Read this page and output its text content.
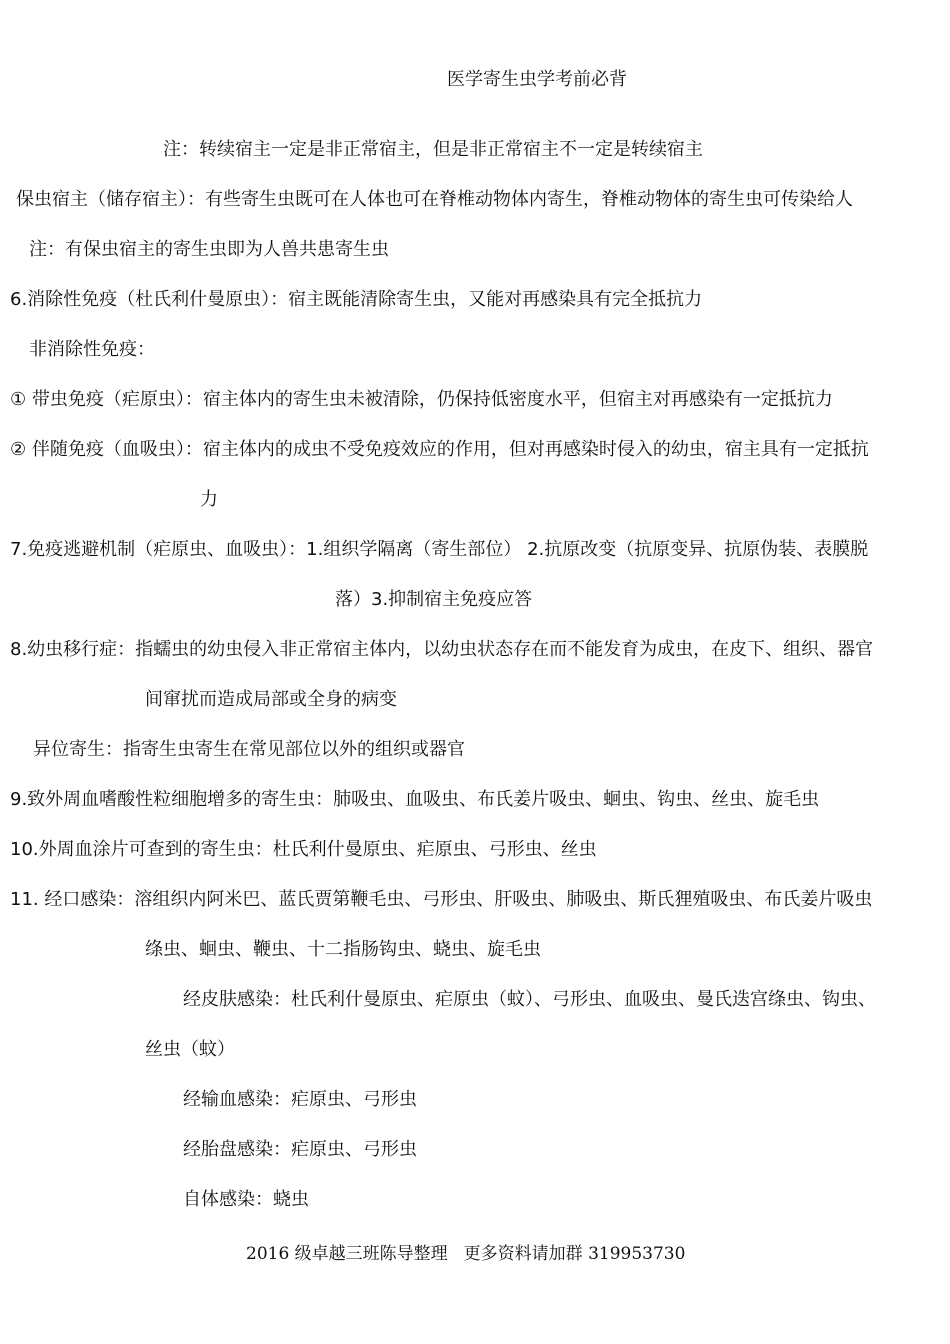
医学寄生虫学考前必背
注：转续宿主一定是非正常宿主，但是非正常宿主不一定是转续宿主
保虫宿主（储存宿主）：有些寄生虫既可在人体也可在脊椎动物体内寄生，脊椎动物体的寄生虫可传染给人
注：有保虫宿主的寄生虫即为人兽共患寄生虫
6.消除性免疫（杜氏利什曼原虫）：宿主既能清除寄生虫，又能对再感染具有完全抵抗力
非消除性免疫：
① 带虫免疫（疟原虫）：宿主体内的寄生虫未被清除，仍保持低密度水平，但宿主对再感染有一定抵抗力
② 伴随免疫（血吸虫）：宿主体内的成虫不受免疫效应的作用，但对再感染时侵入的幼虫，宿主具有一定抵抗
力
7.免疫逃避机制（疟原虫、血吸虫）：1.组织学隔离（寄生部位） 2.抗原改变（抗原变异、抗原伪装、表膜脱
落）3.抑制宿主免疫应答
8.幼虫移行症：指蠕虫的幼虫侵入非正常宿主体内，以幼虫状态存在而不能发育为成虫，在皮下、组织、器官
间窜扰而造成局部或全身的病变
异位寄生：指寄生虫寄生在常见部位以外的组织或器官
9.致外周血嗜酸性粒细胞增多的寄生虫：肺吸虫、血吸虫、布氏姜片吸虫、蛔虫、钩虫、丝虫、旋毛虫
10.外周血涂片可查到的寄生虫：杜氏利什曼原虫、疟原虫、弓形虫、丝虫
11. 经口感染：溶组织内阿米巴、蓝氏贾第鞭毛虫、弓形虫、肝吸虫、肺吸虫、斯氏狸殖吸虫、布氏姜片吸虫
绦虫、蛔虫、鞭虫、十二指肠钩虫、蛲虫、旋毛虫
经皮肤感染：杜氏利什曼原虫、疟原虫（蚊）、弓形虫、血吸虫、曼氏迭宫绦虫、钩虫、
丝虫（蚊）
经输血感染：疟原虫、弓形虫
经胎盘感染：疟原虫、弓形虫
自体感染：蛲虫
2016 级卓越三班陈导整理 更多资料请加群 319953730
